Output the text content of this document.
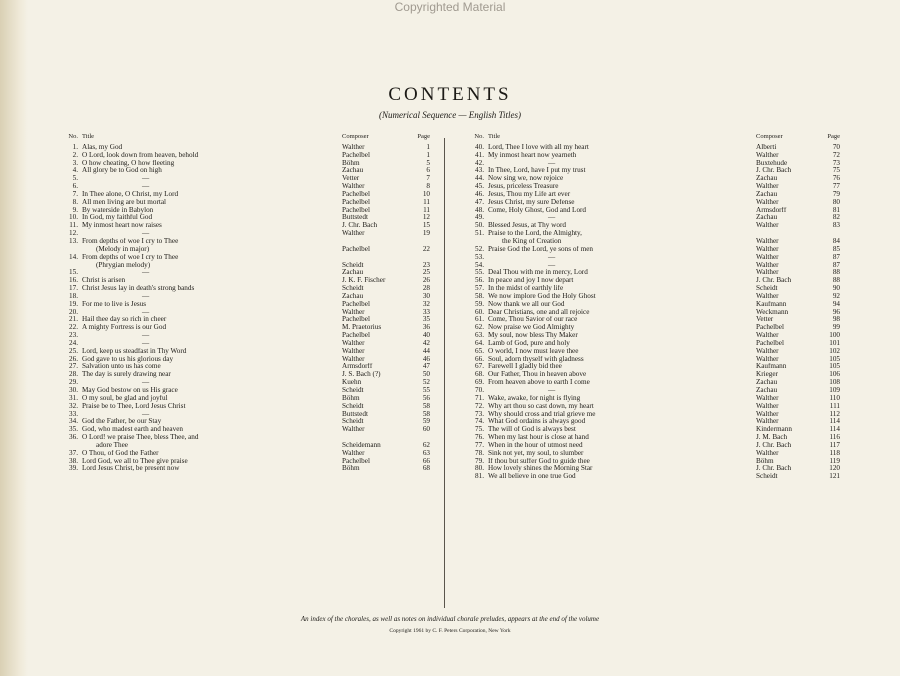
Copyrighted Material
CONTENTS
(Numerical Sequence — English Titles)
No. Title	Composer	Page
1. Alas, my God	Walther	1
2. O Lord, look down from heaven, behold	Pachelbel	1
3. O how cheating, O how fleeting	Böhm	5
4. All glory be to God on high	Zachau	6
5.	—	Vetter	7
6.	—	Walther	8
7. In Thee alone, O Christ, my Lord	Pachelbel	10
8. All men living are but mortal	Pachelbel	11
9. By waterside in Babylon	Pachelbel	11
10. In God, my faithful God	Buttstedt	12
11. My inmost heart now raises	J. Chr. Bach	15
12.	—	Walther	19
13. From depths of woe I cry to Thee
(Melody in major)	Pachelbel	22
14. From depths of woe I cry to Thee
(Phrygian melody)	Scheidt	23
15.	—	Zachau	25
16. Christ is arisen	J. K. F. Fischer	26
17. Christ Jesus lay in death's strong bands	Scheidt	28
18.	—	Zachau	30
19. For me to live is Jesus	Pachelbel	32
20.	—	Walther	33
21. Hail thee day so rich in cheer	Pachelbel	35
22. A mighty Fortress is our God	M. Praetorius	36
23.	—	Pachelbel	40
24.	—	Walther	42
25. Lord, keep us steadfast in Thy Word	Walther	44
26. God gave to us his glorious day	Walther	46
27. Salvation unto us has come	Armsdorff	47
28. The day is surely drawing near	J. S. Bach (?)	50
29.	—	Kuehn	52
30. May God bestow on us His grace	Scheidt	55
31. O my soul, be glad and joyful	Böhm	56
32. Praise be to Thee, Lord Jesus Christ	Scheidt	58
33.	—	Buttstedt	58
34. God the Father, be our Stay	Scheidt	59
35. God, who madest earth and heaven	Walther	60
36. O Lord! we praise Thee, bless Thee, and
adore Thee	Scheidemann	62
37. O Thou, of God the Father	Walther	63
38. Lord God, we all to Thee give praise	Pachelbel	66
39. Lord Jesus Christ, be present now	Böhm	68
No. Title	Composer	Page
40. Lord, Thee I love with all my heart	Alberti	70
41. My inmost heart now yearneth	Walther	72
42.	—	Buxtehude	73
43. In Thee, Lord, have I put my trust	J. Chr. Bach	75
44. Now sing we, now rejoice	Zachau	76
45. Jesus, priceless Treasure	Walther	77
46. Jesus, Thou my Life art ever	Zachau	79
47. Jesus Christ, my sure Defense	Walther	80
48. Come, Holy Ghost, God and Lord	Armsdorff	81
49.	—	Zachau	82
50. Blessed Jesus, at Thy word	Walther	83
51. Praise to the Lord, the Almighty,
the King of Creation	Walther	84
52. Praise God the Lord, ye sons of men	Walther	85
53.	—	Walther	87
54.	—	Walther	87
55. Deal Thou with me in mercy, Lord	Walther	88
56. In peace and joy I now depart	J. Chr. Bach	88
57. In the midst of earthly life	Scheidt	90
58. We now implore God the Holy Ghost	Walther	92
59. Now thank we all our God	Kaufmann	94
60. Dear Christians, one and all rejoice	Weckmann	96
61. Come, Thou Savior of our race	Vetter	98
62. Now praise we God Almighty	Pachelbel	99
63. My soul, now bless Thy Maker	Walther	100
64. Lamb of God, pure and holy	Pachelbel	101
65. O world, I now must leave thee	Walther	102
66. Soul, adorn thyself with gladness	Walther	105
67. Farewell I gladly bid thee	Kaufmann	105
68. Our Father, Thou in heaven above	Krieger	106
69. From heaven above to earth I come	Zachau	108
70.	—	Zachau	109
71. Wake, awake, for night is flying	Walther	110
72. Why art thou so cast down, my heart	Walther	111
73. Why should cross and trial grieve me	Walther	112
74. What God ordains is always good	Walther	114
75. The will of God is always best	Kindermann	114
76. When my last hour is close at hand	J. M. Bach	116
77. When in the hour of utmost need	J. Chr. Bach	117
78. Sink not yet, my soul, to slumber	Walther	118
79. If thou but suffer God to guide thee	Böhm	119
80. How lovely shines the Morning Star	J. Chr. Bach	120
81. We all believe in one true God	Scheidt	121
An index of the chorales, as well as notes on individual chorale preludes, appears at the end of the volume
Copyright 1961 by C. F. Peters Corporation, New York
